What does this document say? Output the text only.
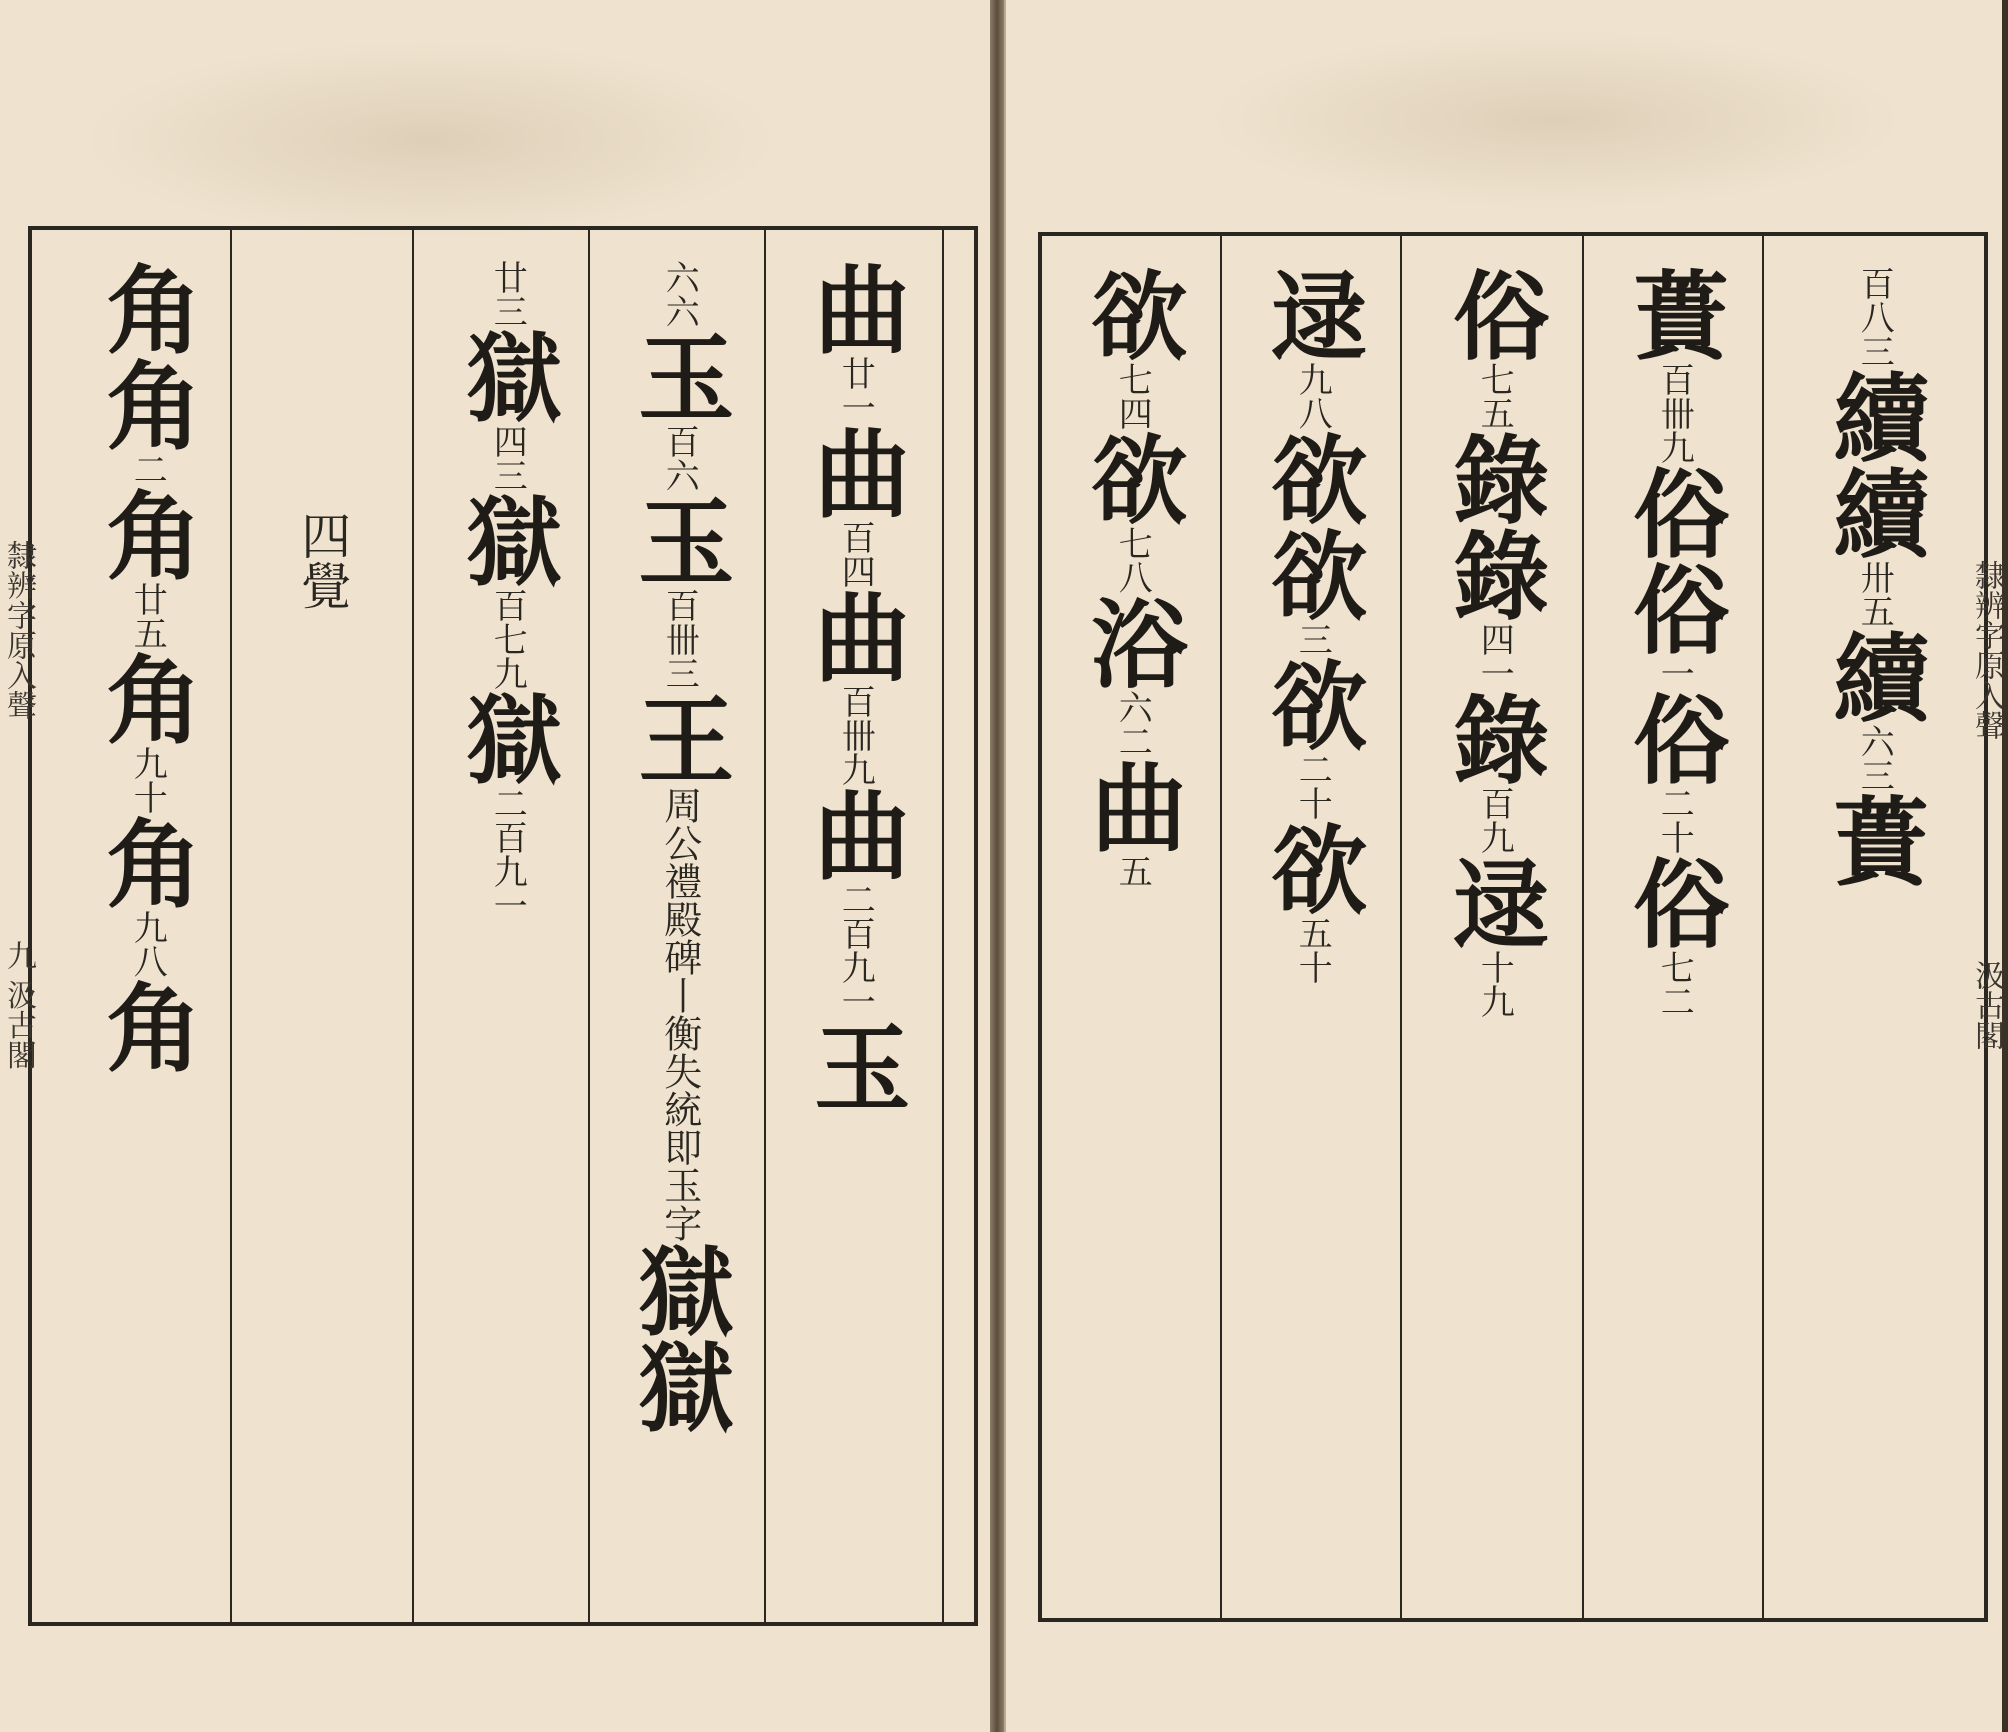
角角
二
角
廿五
角
九十
角
九八
角
四覺
廿三
獄
四三
獄
百七九
獄
二百九一
六六
玉
百六
玉
百卌三
王
周公禮殿碑丨衡失統即玉字
獄獄
曲
廿一
曲
百四
曲
百卌九
曲
二百九一
玉
隸辨字原入聲
九 汲古閣
欲
七四
欲
七八
浴
六二
曲
五
逯
九八
欲
欲
三
欲
二十
欲
五十
俗
七五
錄
錄
四一
錄
百九
逯
十九
蕢
百卌九
俗
俗
一
俗
二十
俗
七二
百八三
續續
卅五
續
六三
蕢
隸辨字原入聲
汲古閣
